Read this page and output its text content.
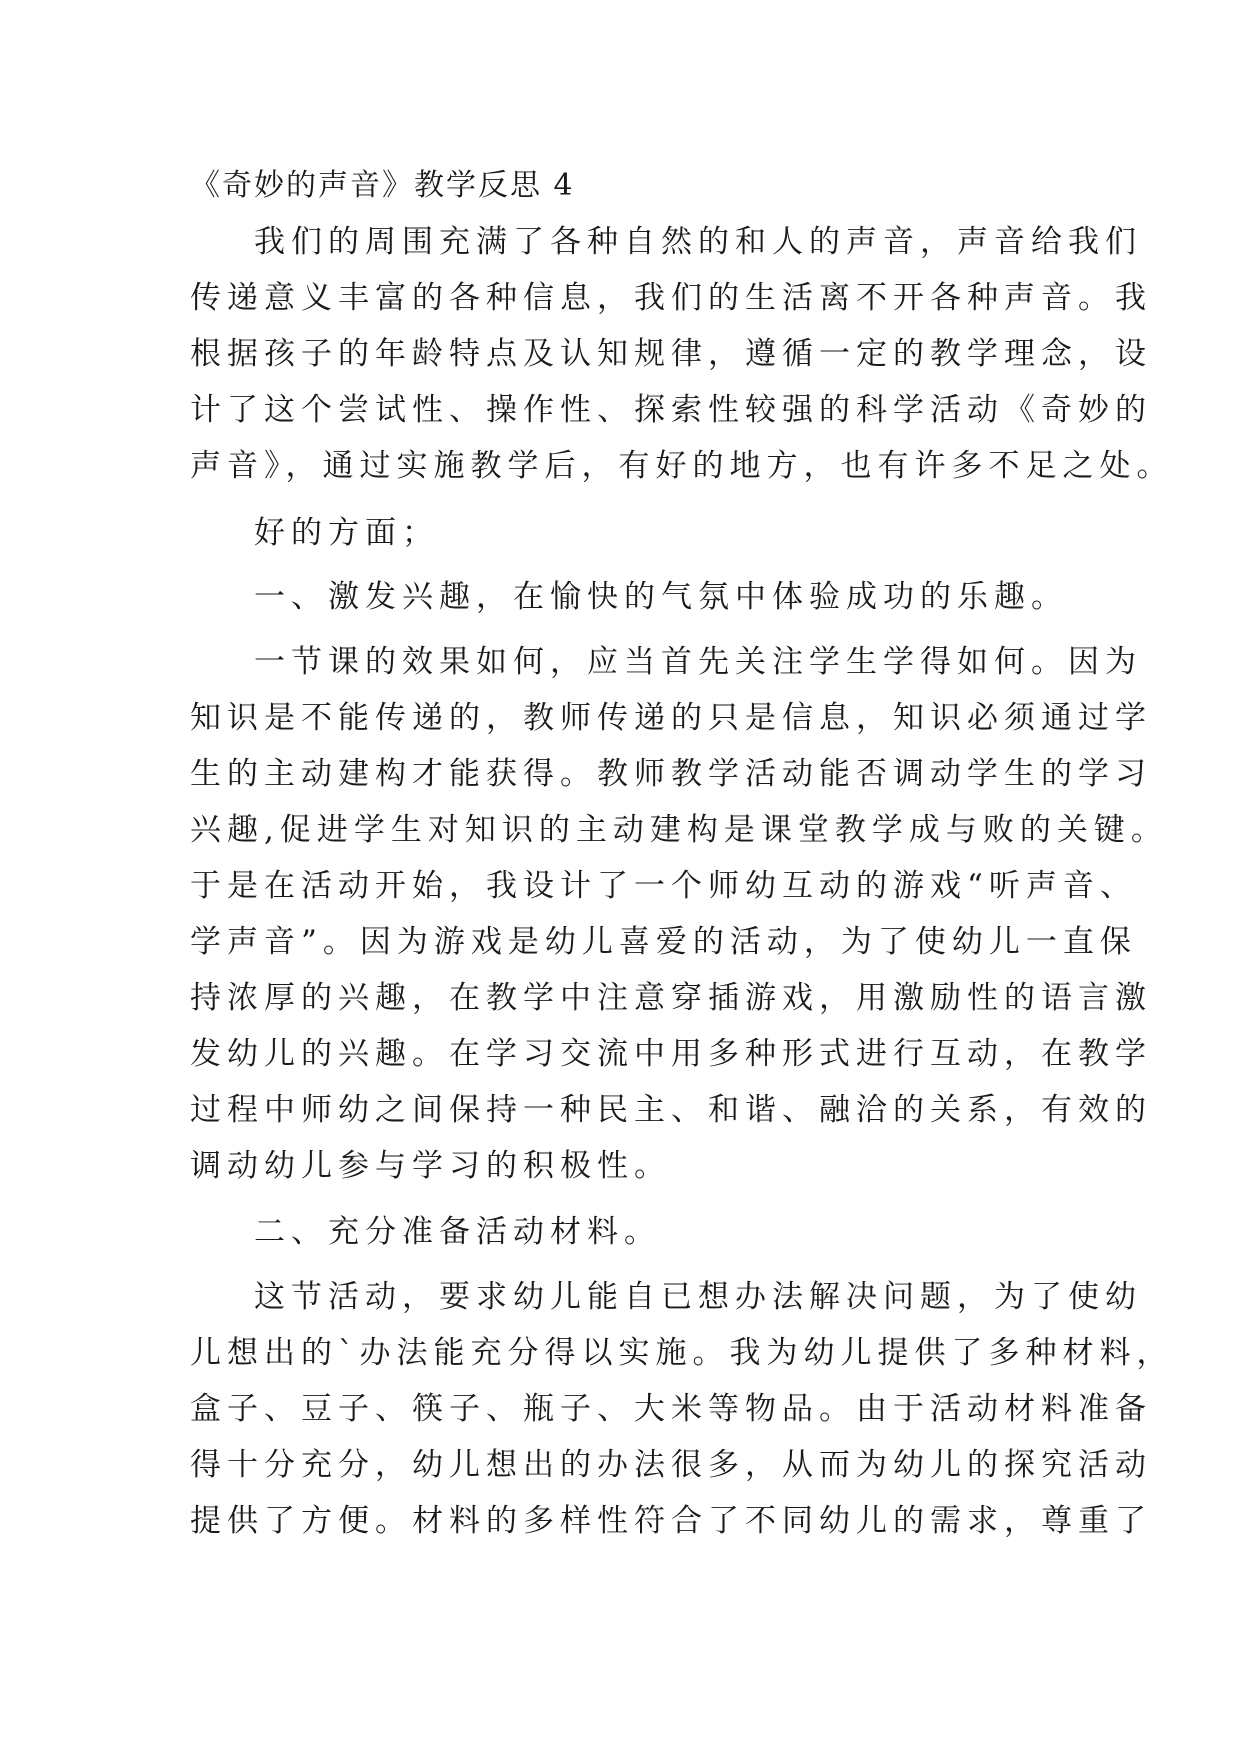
《奇妙的声音》教学反思 4

我们的周围充满了各种自然的和人的声音，声音给我们

传递意义丰富的各种信息，我们的生活离不开各种声音。我

根据孩子的年龄特点及认知规律，遵循一定的教学理念，设

计了这个尝试性、操作性、探索性较强的科学活动《奇妙的

声音》，通过实施教学后，有好的地方，也有许多不足之处。

好的方面；

一、激发兴趣，在愉快的气氛中体验成功的乐趣。

一节课的效果如何，应当首先关注学生学得如何。因为

知识是不能传递的，教师传递的只是信息，知识必须通过学

生的主动建构才能获得。教师教学活动能否调动学生的学习

兴趣,促进学生对知识的主动建构是课堂教学成与败的关键。

于是在活动开始，我设计了一个师幼互动的游戏“听声音、

学声音”。因为游戏是幼儿喜爱的活动，为了使幼儿一直保

持浓厚的兴趣，在教学中注意穿插游戏，用激励性的语言激

发幼儿的兴趣。在学习交流中用多种形式进行互动，在教学

过程中师幼之间保持一种民主、和谐、融洽的关系，有效的

调动幼儿参与学习的积极性。

二、充分准备活动材料。

这节活动，要求幼儿能自已想办法解决问题，为了使幼

儿想出的`办法能充分得以实施。我为幼儿提供了多种材料，

盒子、豆子、筷子、瓶子、大米等物品。由于活动材料准备

得十分充分，幼儿想出的办法很多，从而为幼儿的探究活动

提供了方便。材料的多样性符合了不同幼儿的需求，尊重了
